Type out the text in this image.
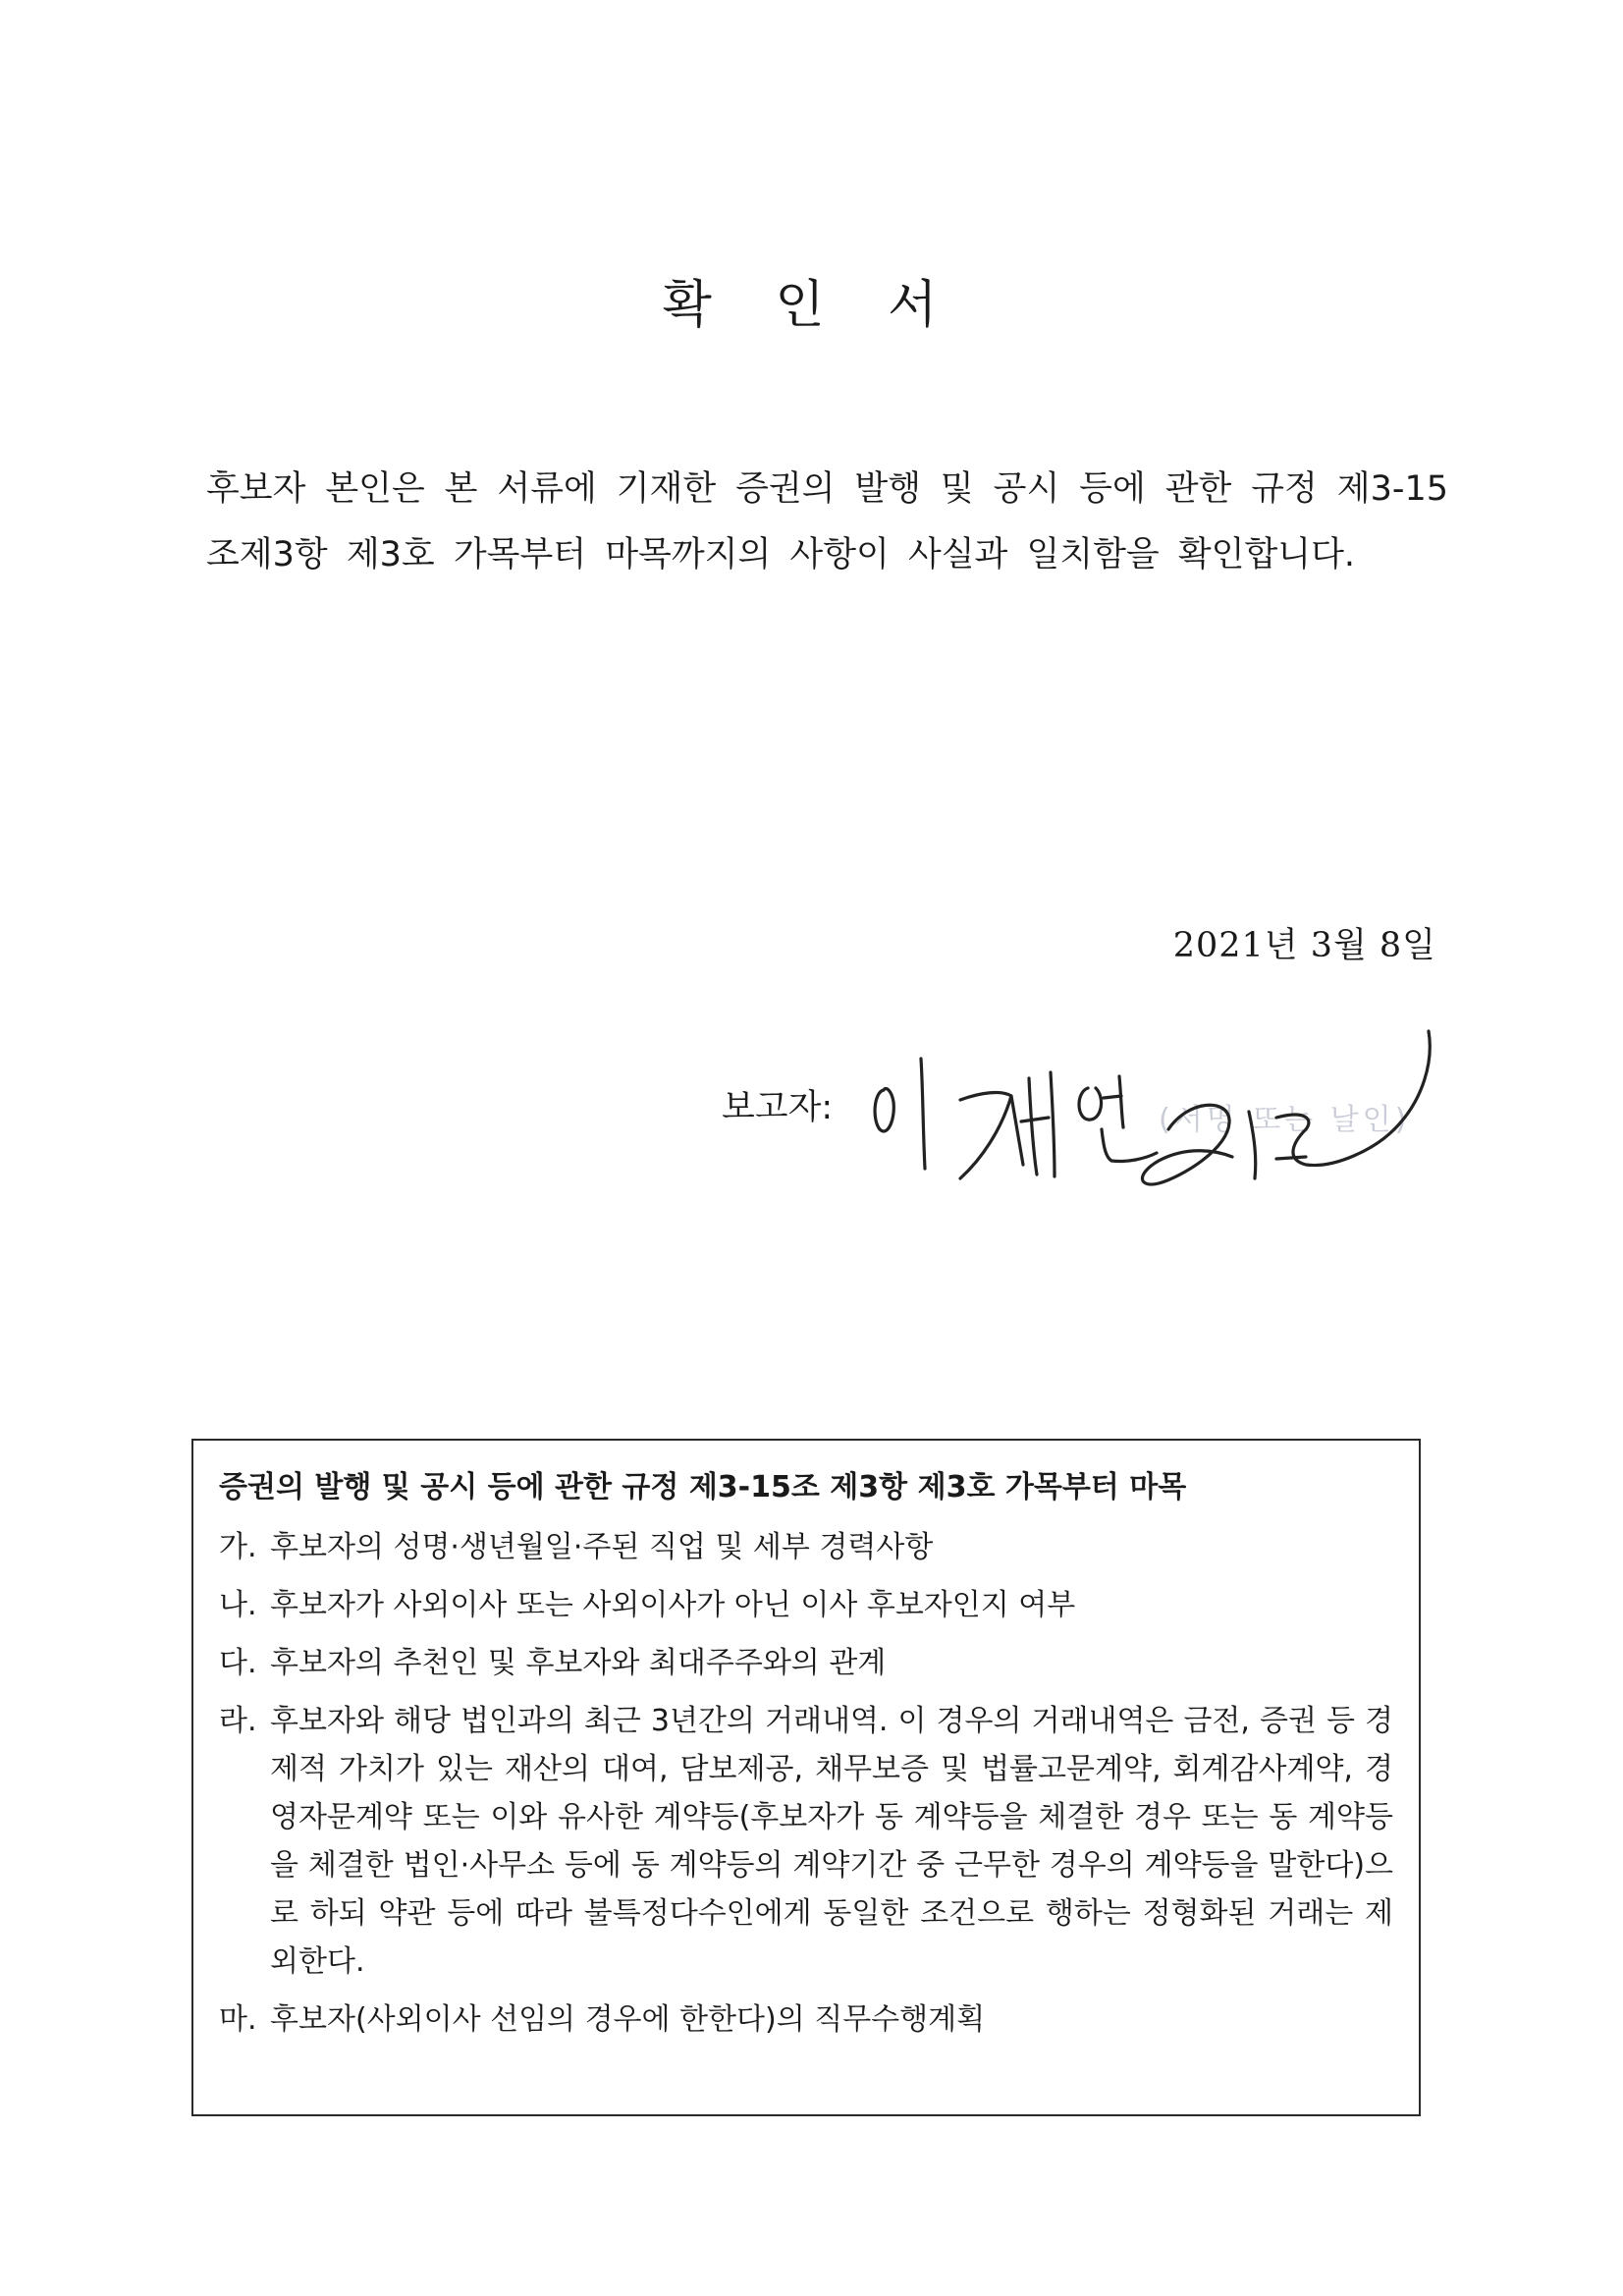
확 인 서
후보자 본인은 본 서류에 기재한 증권의 발행 및 공시 등에 관한 규정 제3-15조제3항 제3호 가목부터 마목까지의 사항이 사실과 일치함을 확인합니다.
2021년 3월 8일
보고자:	(서명 또는 날인)
증권의 발행 및 공시 등에 관한 규정 제3-15조 제3항 제3호 가목부터 마목
가. 후보자의 성명·생년월일·주된 직업 및 세부 경력사항
나. 후보자가 사외이사 또는 사외이사가 아닌 이사 후보자인지 여부
다. 후보자의 추천인 및 후보자와 최대주주와의 관계
라. 후보자와 해당 법인과의 최근 3년간의 거래내역. 이 경우의 거래내역은 금전, 증권 등 경제적 가치가 있는 재산의 대여, 담보제공, 채무보증 및 법률고문계약, 회계감사계약, 경영자문계약 또는 이와 유사한 계약등(후보자가 동 계약등을 체결한 경우 또는 동 계약등을 체결한 법인·사무소 등에 동 계약등의 계약기간 중 근무한 경우의 계약등을 말한다)으로 하되 약관 등에 따라 불특정다수인에게 동일한 조건으로 행하는 정형화된 거래는 제외한다.
마. 후보자(사외이사 선임의 경우에 한한다)의 직무수행계획
